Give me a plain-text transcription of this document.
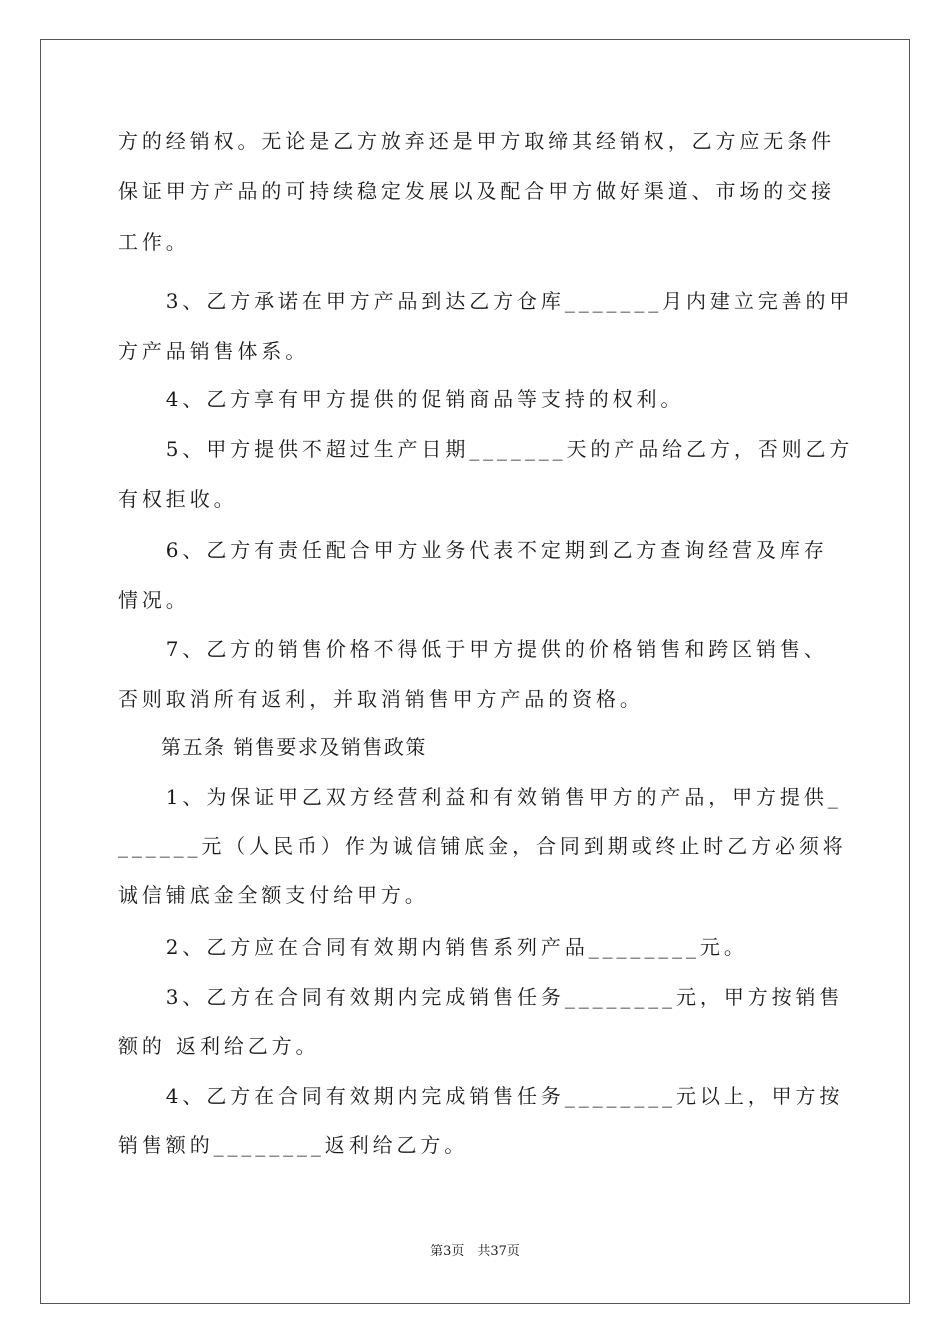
方的经销权。无论是乙方放弃还是甲方取缔其经销权，乙方应无条件
保证甲方产品的可持续稳定发展以及配合甲方做好渠道、市场的交接
工作。
　　3、乙方承诺在甲方产品到达乙方仓库_______月内建立完善的甲
方产品销售体系。
　　4、乙方享有甲方提供的促销商品等支持的权利。
　　5、甲方提供不超过生产日期_______天的产品给乙方，否则乙方
有权拒收。
　　6、乙方有责任配合甲方业务代表不定期到乙方查询经营及库存
情况。
　　7、乙方的销售价格不得低于甲方提供的价格销售和跨区销售、
否则取消所有返利，并取消销售甲方产品的资格。
　　第五条 销售要求及销售政策
　　1、为保证甲乙双方经营利益和有效销售甲方的产品，甲方提供_
______元（人民币）作为诚信铺底金，合同到期或终止时乙方必须将
诚信铺底金全额支付给甲方。
　　2、乙方应在合同有效期内销售系列产品________元。
　　3、乙方在合同有效期内完成销售任务________元，甲方按销售
额的 返利给乙方。
　　4、乙方在合同有效期内完成销售任务________元以上，甲方按
销售额的________返利给乙方。
第3页　共37页
